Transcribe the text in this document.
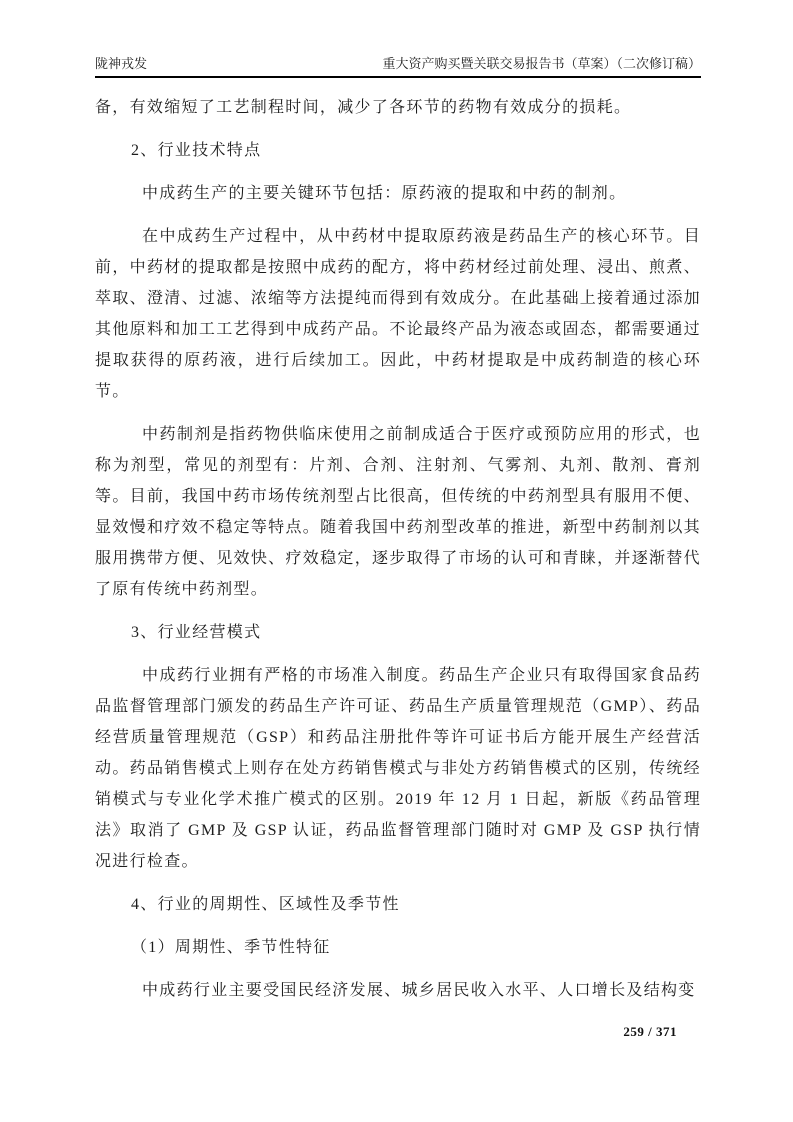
陇神戎发	重大资产购买暨关联交易报告书（草案）（二次修订稿）

备，有效缩短了工艺制程时间，减少了各环节的药物有效成分的损耗。

2、行业技术特点

中成药生产的主要关键环节包括：原药液的提取和中药的制剂。

在中成药生产过程中，从中药材中提取原药液是药品生产的核心环节。目前，中药材的提取都是按照中成药的配方，将中药材经过前处理、浸出、煎煮、萃取、澄清、过滤、浓缩等方法提纯而得到有效成分。在此基础上接着通过添加其他原料和加工工艺得到中成药产品。不论最终产品为液态或固态，都需要通过提取获得的原药液，进行后续加工。因此，中药材提取是中成药制造的核心环节。

中药制剂是指药物供临床使用之前制成适合于医疗或预防应用的形式，也称为剂型，常见的剂型有：片剂、合剂、注射剂、气雾剂、丸剂、散剂、膏剂等。目前，我国中药市场传统剂型占比很高，但传统的中药剂型具有服用不便、显效慢和疗效不稳定等特点。随着我国中药剂型改革的推进，新型中药制剂以其服用携带方便、见效快、疗效稳定，逐步取得了市场的认可和青睐，并逐渐替代了原有传统中药剂型。

3、行业经营模式

中成药行业拥有严格的市场准入制度。药品生产企业只有取得国家食品药品监督管理部门颁发的药品生产许可证、药品生产质量管理规范（GMP）、药品经营质量管理规范（GSP）和药品注册批件等许可证书后方能开展生产经营活动。药品销售模式上则存在处方药销售模式与非处方药销售模式的区别，传统经销模式与专业化学术推广模式的区别。2019 年 12 月 1 日起，新版《药品管理法》取消了 GMP 及 GSP 认证，药品监督管理部门随时对 GMP 及 GSP 执行情况进行检查。

4、行业的周期性、区域性及季节性

（1）周期性、季节性特征

中成药行业主要受国民经济发展、城乡居民收入水平、人口增长及结构变

259 / 371
